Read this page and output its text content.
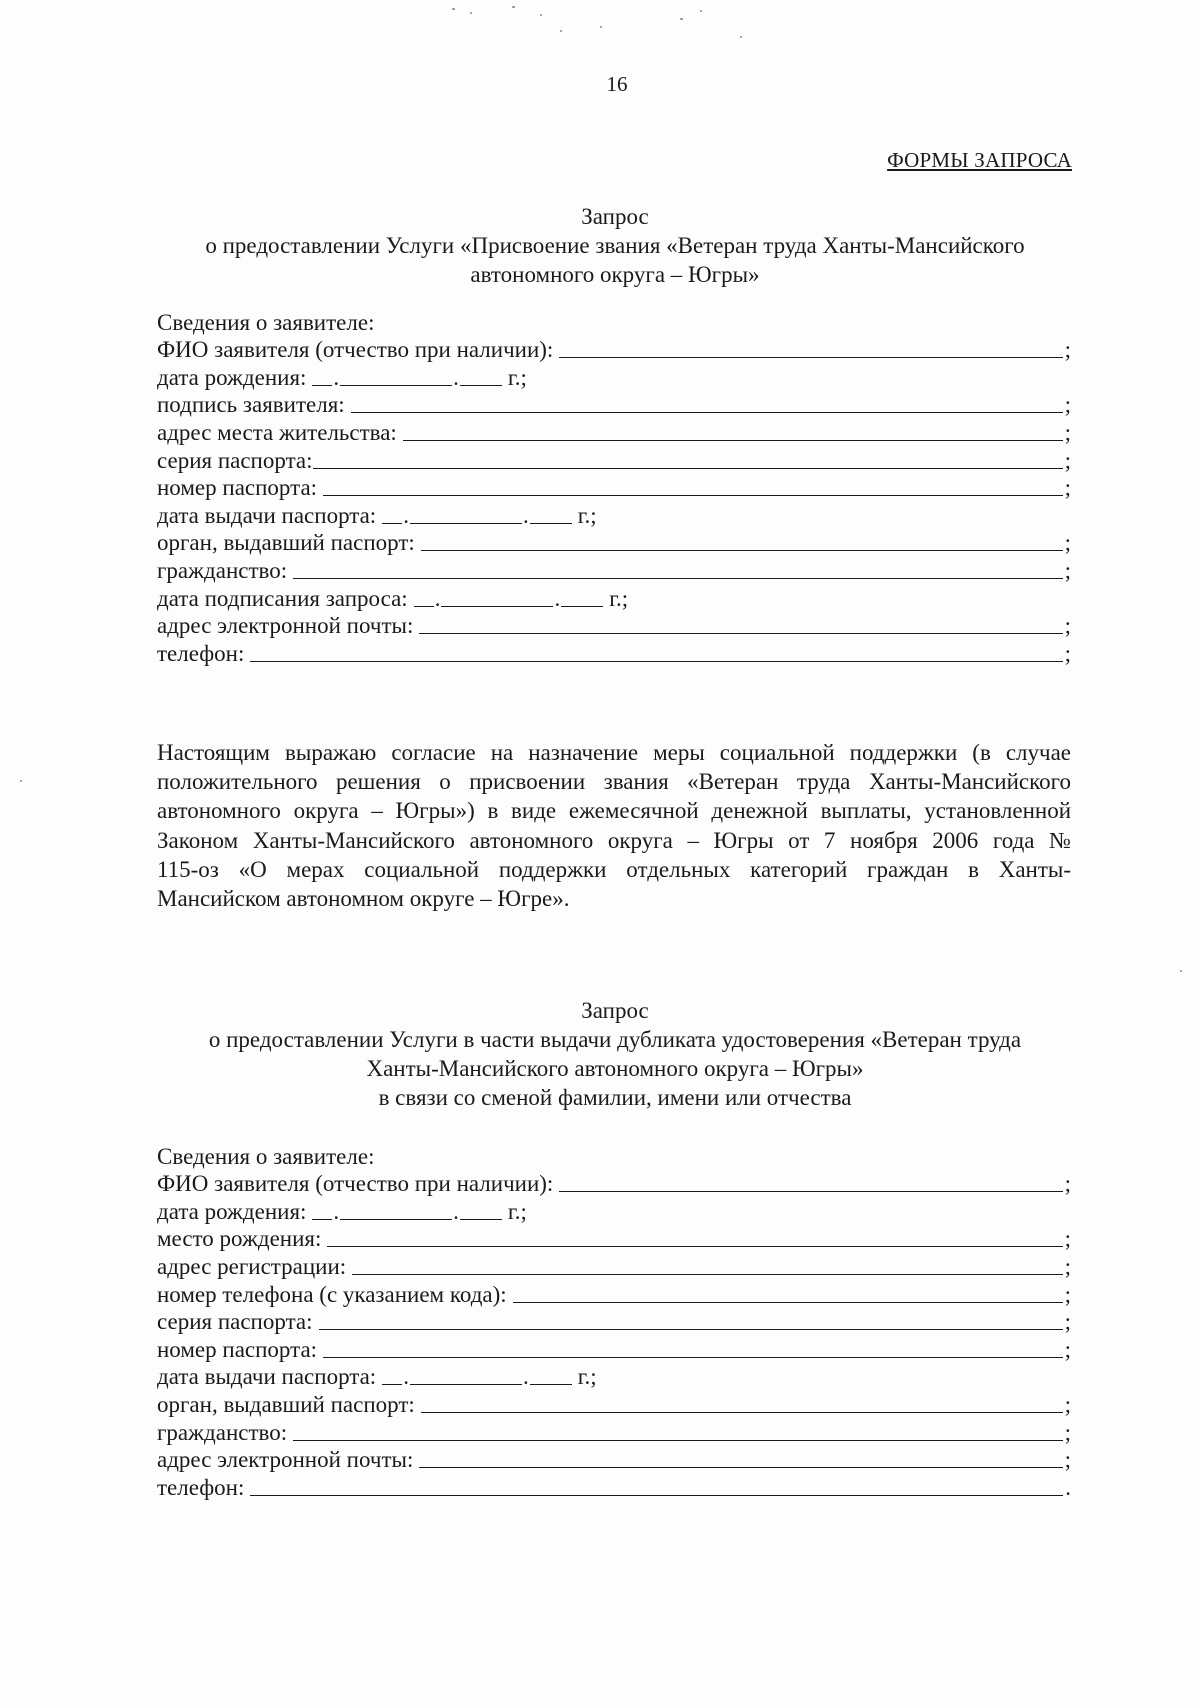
16
ФОРМЫ ЗАПРОСА
Запрос
о предоставлении Услуги «Присвоение звания «Ветеран труда Ханты-Мансийского
автономного округа – Югры»
Сведения о заявителе:
ФИО заявителя (отчество при наличии):	;
дата рождения: .	. г.;
подпись заявителя:	;
адрес места жительства:	;
серия паспорта:	;
номер паспорта:	;
дата выдачи паспорта: .	. г.;
орган, выдавший паспорт:	;
гражданство:	;
дата подписания запроса: .	. г.;
адрес электронной почты:	;
телефон:	;
Настоящим выражаю согласие на назначение меры социальной поддержки (в случае
положительного решения о присвоении звания «Ветеран труда Ханты-Мансийского
автономного округа – Югры») в виде ежемесячной денежной выплаты, установленной
Законом Ханты-Мансийского автономного округа – Югры от 7 ноября 2006 года №
115-оз «О мерах социальной поддержки отдельных категорий граждан в Ханты-
Мансийском автономном округе – Югре».
Запрос
о предоставлении Услуги в части выдачи дубликата удостоверения «Ветеран труда
Ханты-Мансийского автономного округа – Югры»
в связи со сменой фамилии, имени или отчества
Сведения о заявителе:
ФИО заявителя (отчество при наличии):	;
дата рождения: .	. г.;
место рождения:	;
адрес регистрации:	;
номер телефона (с указанием кода):	;
серия паспорта:	;
номер паспорта:	;
дата выдачи паспорта: .	. г.;
орган, выдавший паспорт:	;
гражданство:	;
адрес электронной почты:	;
телефон:	.
